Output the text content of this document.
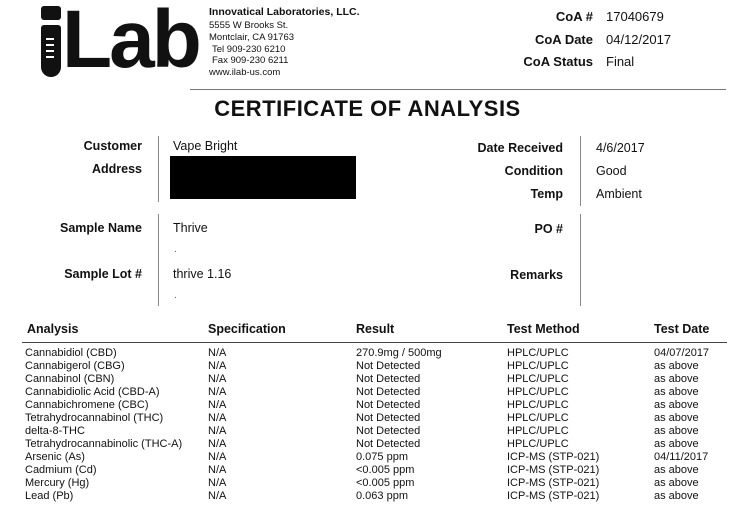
Lab Innovatical Laboratories, LLC.
5555 W Brooks St.
Montclair, CA 91763
Tel 909-230 6210
Fax 909-230 6211
www.ilab-us.com
CoA # 17040679
CoA Date 04/12/2017
CoA Status Final
CERTIFICATE OF ANALYSIS
Customer Vape Bright
Address
Sample Name Thrive
.
Sample Lot # thrive 1.16
.
Date Received	4/6/2017
Condition	Good
Temp	Ambient
PO #
Remarks
Analysis	Specification	Result	Test Method	Test Date
Cannabidiol (CBD)	N/A	270.9mg / 500mg	HPLC/UPLC	04/07/2017
Cannabigerol (CBG)	N/A	Not Detected	HPLC/UPLC	as above
Cannabinol (CBN)	N/A	Not Detected	HPLC/UPLC	as above
Cannabidiolic Acid (CBD-A)	N/A	Not Detected	HPLC/UPLC	as above
Cannabichromene (CBC)	N/A	Not Detected	HPLC/UPLC	as above
Tetrahydrocannabinol (THC)	N/A	Not Detected	HPLC/UPLC	as above
delta-8-THC	N/A	Not Detected	HPLC/UPLC	as above
Tetrahydrocannabinolic (THC-A) N/A	Not Detected	HPLC/UPLC	as above
Arsenic (As)	N/A	0.075 ppm	ICP-MS (STP-021)	04/11/2017
Cadmium (Cd)	N/A	<0.005 ppm	ICP-MS (STP-021)	as above
Mercury (Hg)	N/A	<0.005 ppm	ICP-MS (STP-021)	as above
Lead (Pb)	N/A	0.063 ppm	ICP-MS (STP-021)	as above
